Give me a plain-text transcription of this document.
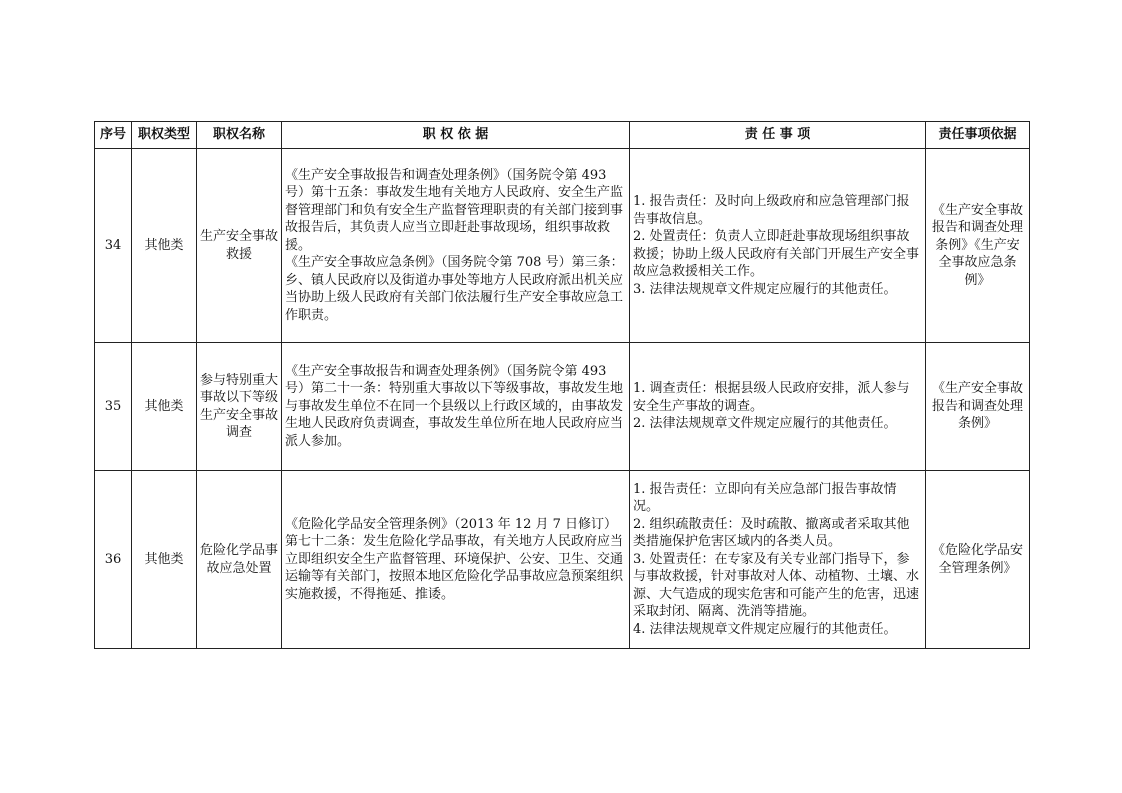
序号	职权类型	职权名称	职 权 依 据	责 任 事 项	责任事项依据
34	其他类	生产安全事故救援	《生产安全事故报告和调查处理条例》（国务院令第 493 号）第十五条：事故发生地有关地方人民政府、安全生产监督管理部门和负有安全生产监督管理职责的有关部门接到事故报告后，其负责人应当立即赶赴事故现场，组织事故救援。
《生产安全事故应急条例》（国务院令第 708 号）第三条：乡、镇人民政府以及街道办事处等地方人民政府派出机关应当协助上级人民政府有关部门依法履行生产安全事故应急工作职责。	1. 报告责任：及时向上级政府和应急管理部门报告事故信息。
2. 处置责任：负责人立即赶赴事故现场组织事故救援；协助上级人民政府有关部门开展生产安全事故应急救援相关工作。
3. 法律法规规章文件规定应履行的其他责任。	《生产安全事故报告和调查处理条例》《生产安全事故应急条例》
35	其他类	参与特别重大事故以下等级生产安全事故调查	《生产安全事故报告和调查处理条例》（国务院令第 493 号）第二十一条：特别重大事故以下等级事故，事故发生地与事故发生单位不在同一个县级以上行政区域的，由事故发生地人民政府负责调查，事故发生单位所在地人民政府应当派人参加。	1. 调查责任：根据县级人民政府安排，派人参与安全生产事故的调查。
2. 法律法规规章文件规定应履行的其他责任。	《生产安全事故报告和调查处理条例》
36	其他类	危险化学品事故应急处置	《危险化学品安全管理条例》（2013 年 12 月 7 日修订）第七十二条：发生危险化学品事故，有关地方人民政府应当立即组织安全生产监督管理、环境保护、公安、卫生、交通运输等有关部门，按照本地区危险化学品事故应急预案组织实施救援，不得拖延、推诿。	1. 报告责任：立即向有关应急部门报告事故情况。
2. 组织疏散责任：及时疏散、撤离或者采取其他类措施保护危害区域内的各类人员。
3. 处置责任：在专家及有关专业部门指导下，参与事故救援，针对事故对人体、动植物、土壤、水源、大气造成的现实危害和可能产生的危害，迅速采取封闭、隔离、洗消等措施。
4. 法律法规规章文件规定应履行的其他责任。	《危险化学品安全管理条例》
